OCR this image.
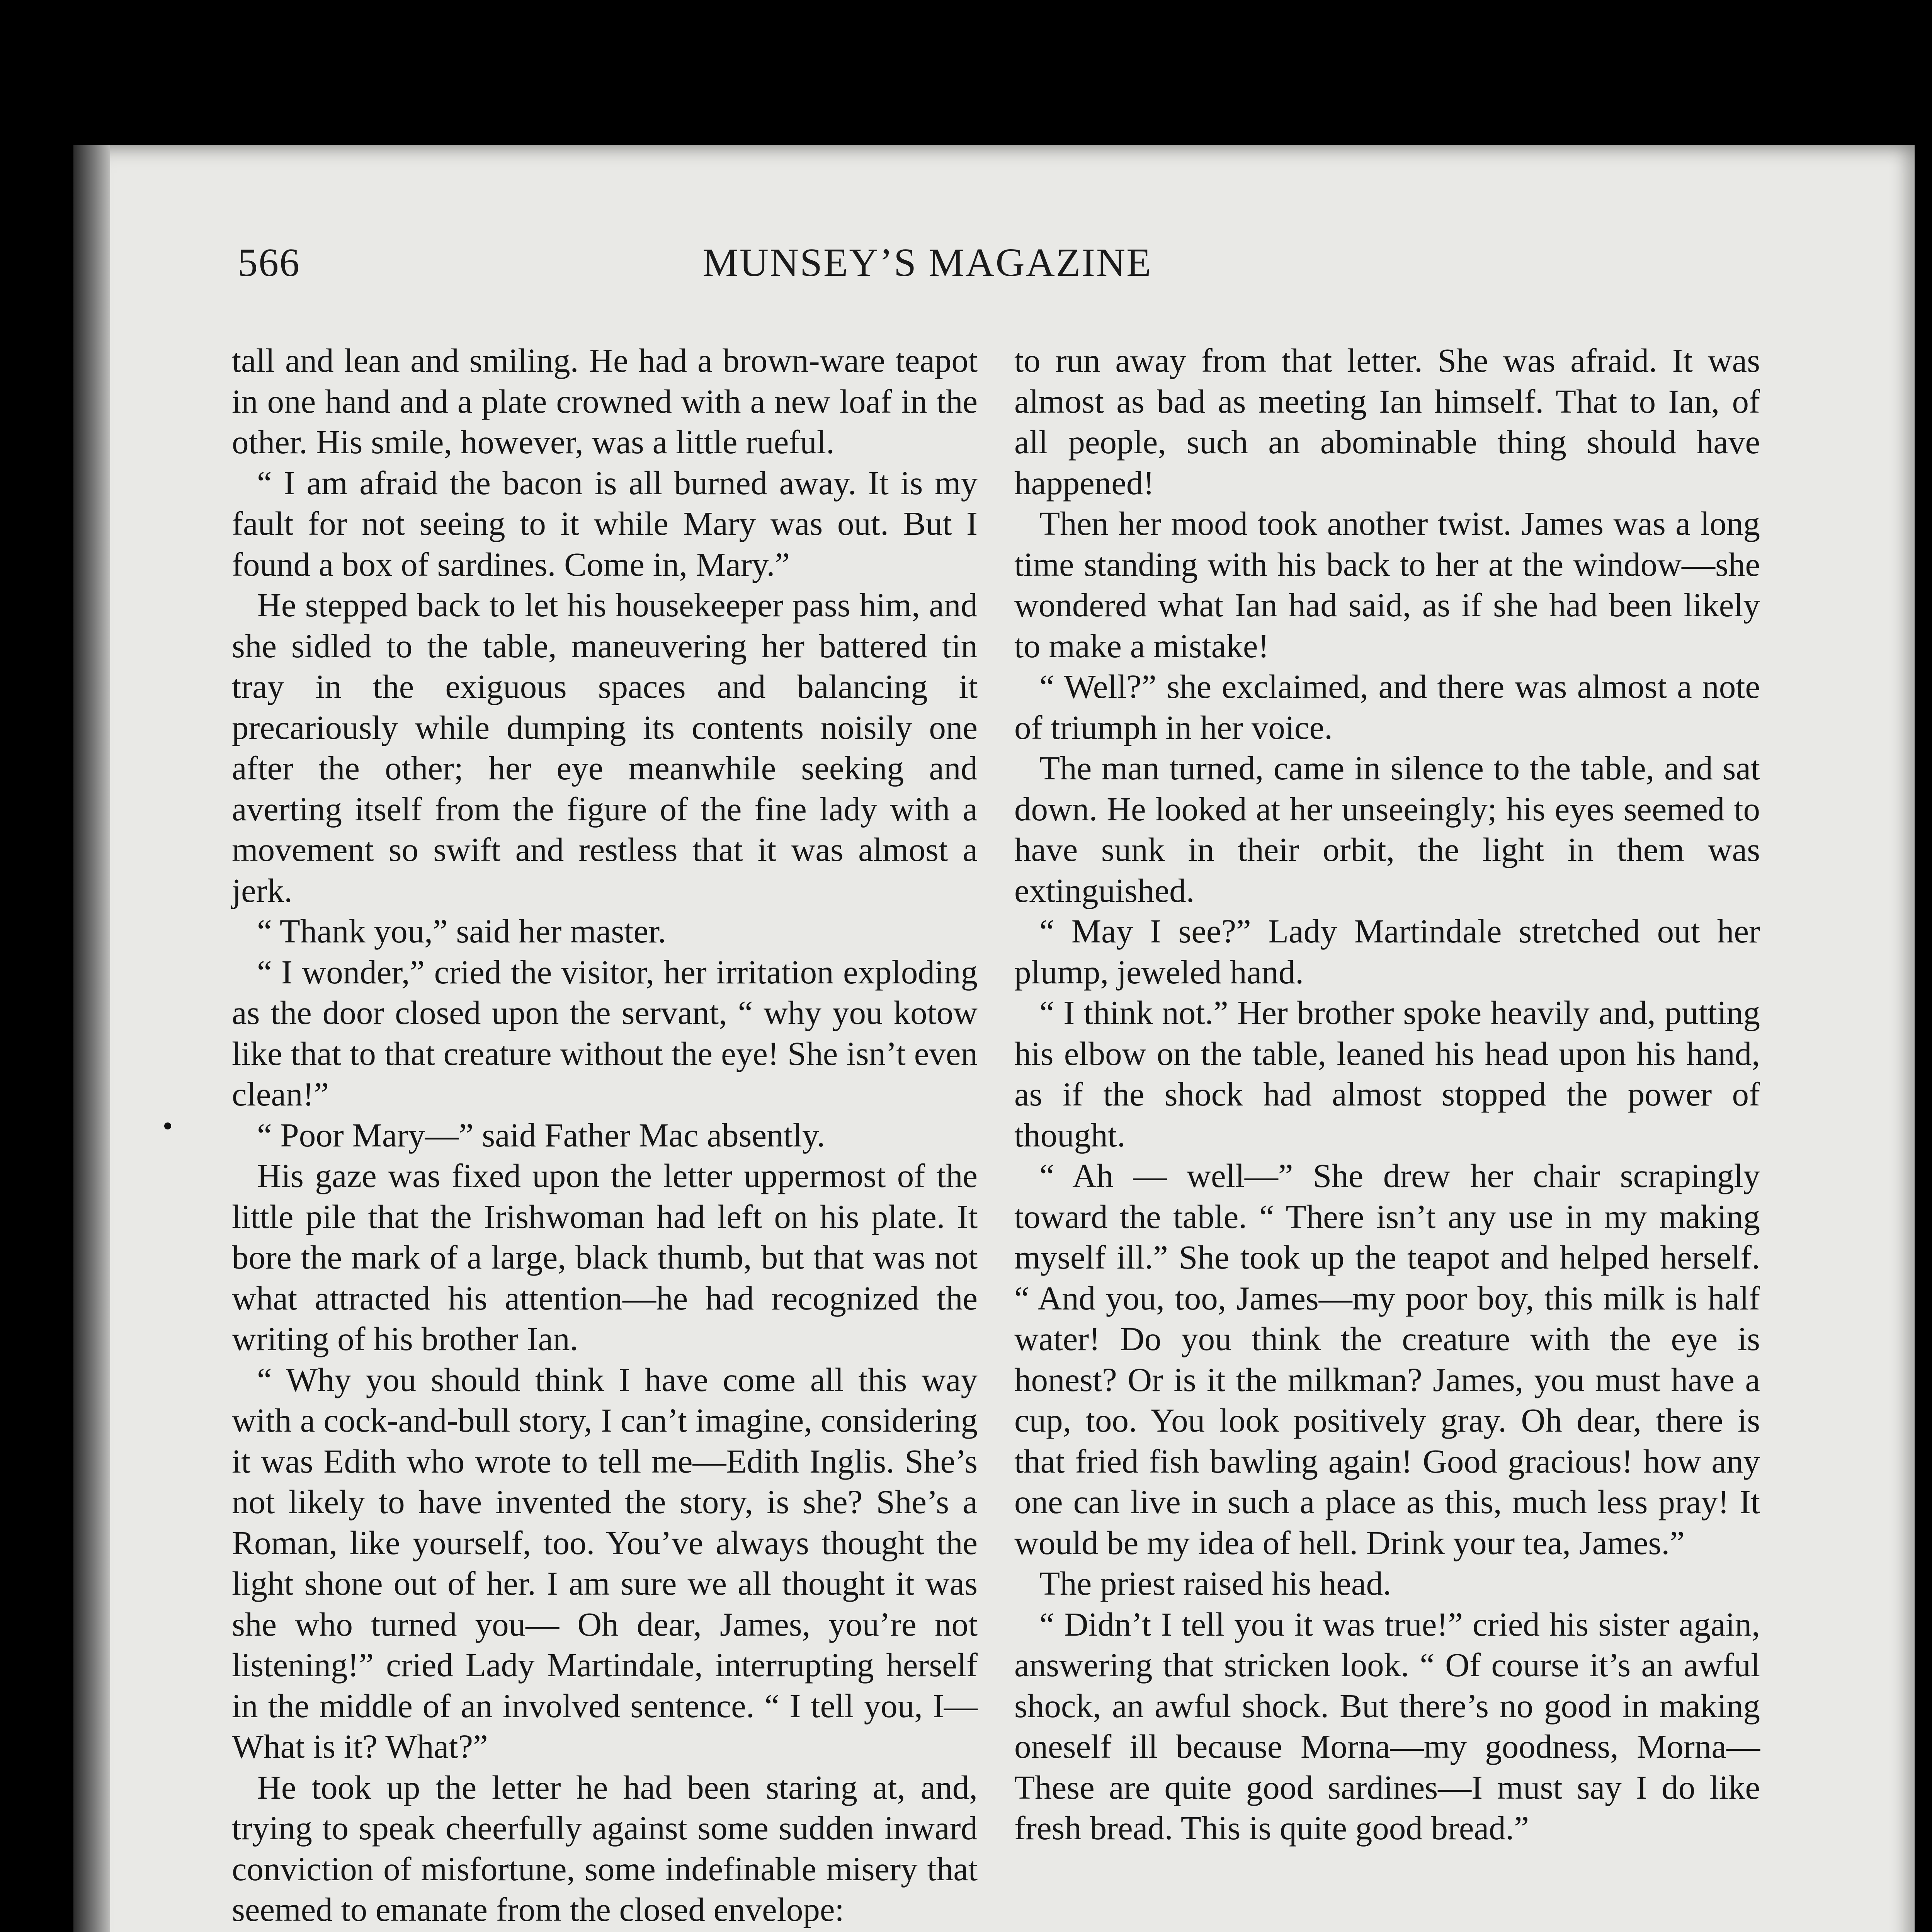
566	MUNSEY’S MAGAZINE

tall and lean and smiling. He had a brown-ware teapot in one hand and a plate crowned with a new loaf in the other. His smile, however, was a little rueful.

“ I am afraid the bacon is all burned away. It is my fault for not seeing to it while Mary was out. But I found a box of sardines. Come in, Mary.”

He stepped back to let his housekeeper pass him, and she sidled to the table, maneuvering her battered tin tray in the exiguous spaces and balancing it precariously while dumping its contents noisily one after the other; her eye meanwhile seeking and averting itself from the figure of the fine lady with a movement so swift and restless that it was almost a jerk.

“ Thank you,” said her master.

“ I wonder,” cried the visitor, her irritation exploding as the door closed upon the servant, “ why you kotow like that to that creature without the eye! She isn’t even clean!”

“ Poor Mary—” said Father Mac absently.

His gaze was fixed upon the letter uppermost of the little pile that the Irishwoman had left on his plate. It bore the mark of a large, black thumb, but that was not what attracted his attention—he had recognized the writing of his brother Ian.

“ Why you should think I have come all this way with a cock-and-bull story, I can’t imagine, considering it was Edith who wrote to tell me—Edith Inglis. She’s not likely to have invented the story, is she? She’s a Roman, like yourself, too. You’ve always thought the light shone out of her. I am sure we all thought it was she who turned you— Oh dear, James, you’re not listening!” cried Lady Martindale, interrupting herself in the middle of an involved sentence. “ I tell you, I— What is it? What?”

He took up the letter he had been staring at, and, trying to speak cheerfully against some sudden inward conviction of misfortune, some indefinable misery that seemed to emanate from the closed envelope:

to run away from that letter. She was afraid. It was almost as bad as meeting Ian himself. That to Ian, of all people, such an abominable thing should have happened!

Then her mood took another twist. James was a long time standing with his back to her at the window—she wondered what Ian had said, as if she had been likely to make a mistake!

“ Well?” she exclaimed, and there was almost a note of triumph in her voice.

The man turned, came in silence to the table, and sat down. He looked at her unseeingly; his eyes seemed to have sunk in their orbit, the light in them was extinguished.

“ May I see?” Lady Martindale stretched out her plump, jeweled hand.

“ I think not.” Her brother spoke heavily and, putting his elbow on the table, leaned his head upon his hand, as if the shock had almost stopped the power of thought.

“ Ah — well—” She drew her chair scrapingly toward the table. “ There isn’t any use in my making myself ill.” She took up the teapot and helped herself. “ And you, too, James—my poor boy, this milk is half water! Do you think the creature with the eye is honest? Or is it the milkman? James, you must have a cup, too. You look positively gray. Oh dear, there is that fried fish bawling again! Good gracious! how any one can live in such a place as this, much less pray! It would be my idea of hell. Drink your tea, James.”

The priest raised his head.

“ Didn’t I tell you it was true!” cried his sister again, answering that stricken look. “ Of course it’s an awful shock, an awful shock. But there’s no good in making oneself ill because Morna—my goodness, Morna— These are quite good sardines—I must say I do like fresh bread. This is quite good bread.”
